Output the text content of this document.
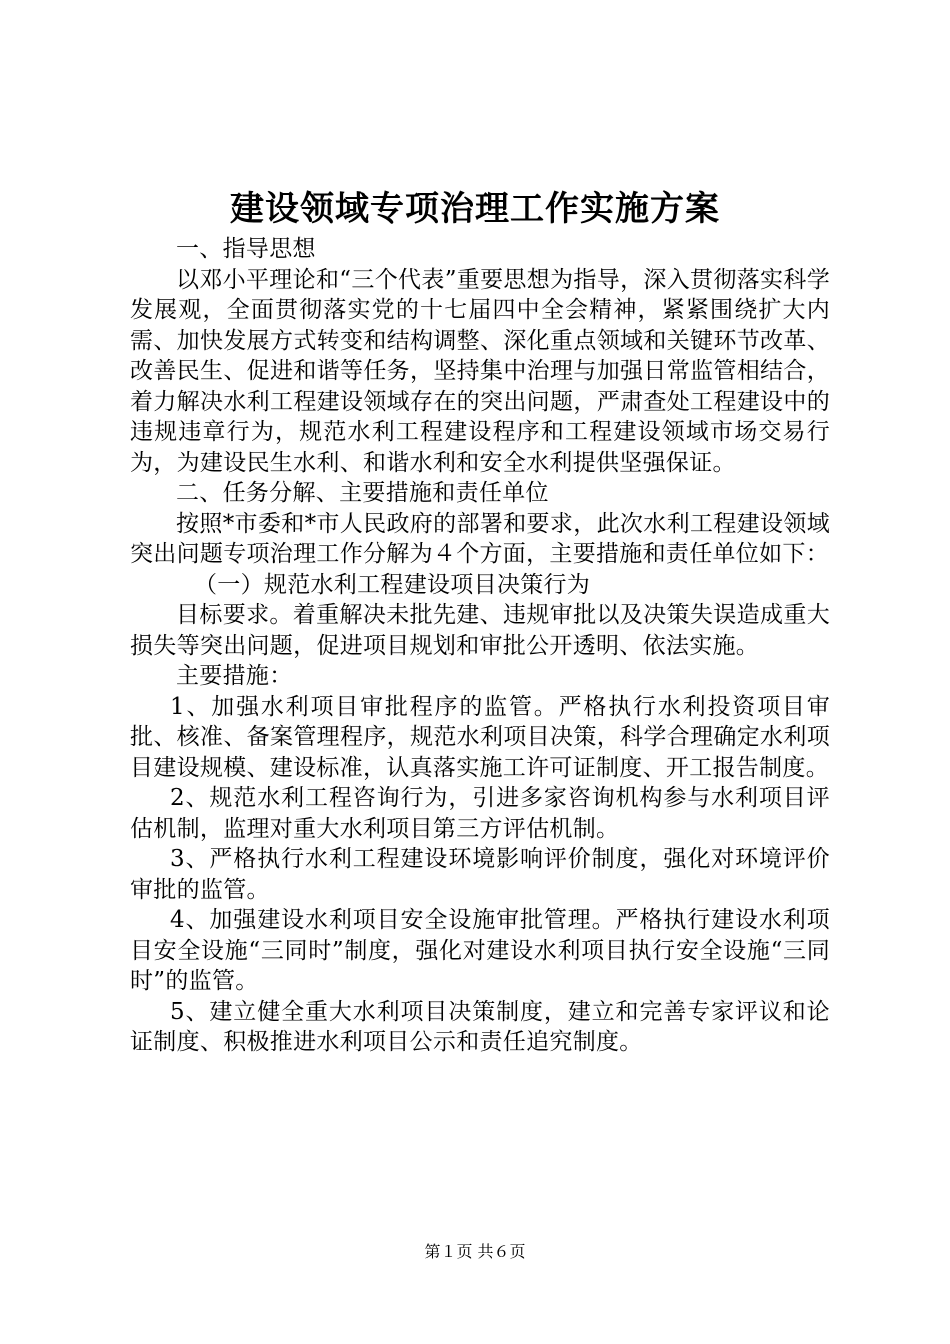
建设领域专项治理工作实施方案

一、指导思想

以邓小平理论和“三个代表”重要思想为指导，深入贯彻落实科学发展观，全面贯彻落实党的十七届四中全会精神，紧紧围绕扩大内需、加快发展方式转变和结构调整、深化重点领域和关键环节改革、改善民生、促进和谐等任务，坚持集中治理与加强日常监管相结合，着力解决水利工程建设领域存在的突出问题，严肃查处工程建设中的违规违章行为，规范水利工程建设程序和工程建设领域市场交易行为，为建设民生水利、和谐水利和安全水利提供坚强保证。

二、任务分解、主要措施和责任单位

按照*市委和*市人民政府的部署和要求，此次水利工程建设领域突出问题专项治理工作分解为４个方面，主要措施和责任单位如下：

（一）规范水利工程建设项目决策行为

目标要求。着重解决未批先建、违规审批以及决策失误造成重大损失等突出问题，促进项目规划和审批公开透明、依法实施。

主要措施：

1、加强水利项目审批程序的监管。严格执行水利投资项目审批、核准、备案管理程序，规范水利项目决策，科学合理确定水利项目建设规模、建设标准，认真落实施工许可证制度、开工报告制度。

2、规范水利工程咨询行为，引进多家咨询机构参与水利项目评估机制，监理对重大水利项目第三方评估机制。

3、严格执行水利工程建设环境影响评价制度，强化对环境评价审批的监管。

4、加强建设水利项目安全设施审批管理。严格执行建设水利项目安全设施“三同时”制度，强化对建设水利项目执行安全设施“三同时”的监管。

5、建立健全重大水利项目决策制度，建立和完善专家评议和论证制度、积极推进水利项目公示和责任追究制度。

第１页 共６页
